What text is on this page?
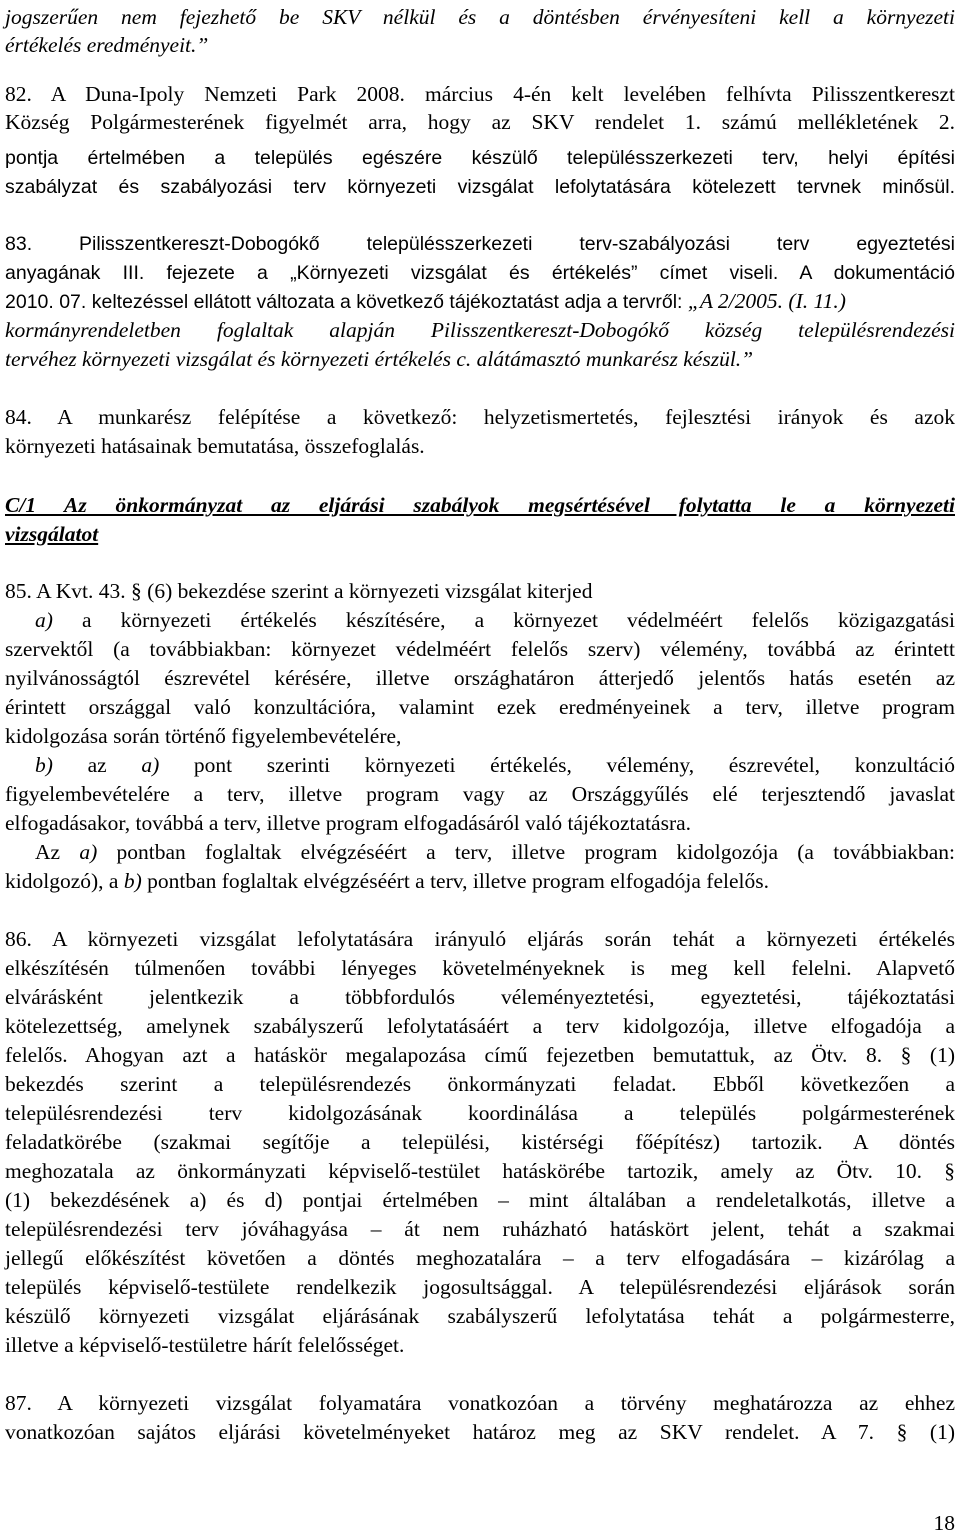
jogszerűen nem fejezhető be SKV nélkül és a döntésben érvényesíteni kell a környezeti
értékelés eredményeit.”
82. A Duna-Ipoly Nemzeti Park 2008. március 4-én kelt levelében felhívta Pilisszentkereszt
Község Polgármesterének figyelmét arra, hogy az SKV rendelet 1. számú mellékletének 2.
pontja értelmében a település egészére készülő településszerkezeti terv, helyi építési
szabályzat és szabályozási terv környezeti vizsgálat lefolytatására kötelezett tervnek minősül.
83. Pilisszentkereszt-Dobogókő településszerkezeti terv-szabályozási terv egyeztetési
anyagának III. fejezete a „Környezeti vizsgálat és értékelés” címet viseli. A dokumentáció
2010. 07. keltezéssel ellátott változata a következő tájékoztatást adja a tervről: „A 2/2005. (I. 11.)
kormányrendeletben foglaltak alapján Pilisszentkereszt-Dobogókő község településrendezési
tervéhez környezeti vizsgálat és környezeti értékelés c. alátámasztó munkarész készül.”
84. A munkarész felépítése a következő: helyzetismertetés, fejlesztési irányok és azok
környezeti hatásainak bemutatása, összefoglalás.
C/1 Az önkormányzat az eljárási szabályok megsértésével folytatta le a környezeti
vizsgálatot
85. A Kvt. 43. § (6) bekezdése szerint a környezeti vizsgálat kiterjed
a) a környezeti értékelés készítésére, a környezet védelméért felelős közigazgatási
szervektől (a továbbiakban: környezet védelméért felelős szerv) vélemény, továbbá az érintett
nyilvánosságtól észrevétel kérésére, illetve országhatáron átterjedő jelentős hatás esetén az
érintett országgal való konzultációra, valamint ezek eredményeinek a terv, illetve program
kidolgozása során történő figyelembevételére,
b) az a) pont szerinti környezeti értékelés, vélemény, észrevétel, konzultáció
figyelembevételére a terv, illetve program vagy az Országgyűlés elé terjesztendő javaslat
elfogadásakor, továbbá a terv, illetve program elfogadásáról való tájékoztatásra.
Az a) pontban foglaltak elvégzéséért a terv, illetve program kidolgozója (a továbbiakban:
kidolgozó), a b) pontban foglaltak elvégzéséért a terv, illetve program elfogadója felelős.
86. A környezeti vizsgálat lefolytatására irányuló eljárás során tehát a környezeti értékelés
elkészítésén túlmenően további lényeges követelményeknek is meg kell felelni. Alapvető
elvárásként jelentkezik a többfordulós véleményeztetési, egyeztetési, tájékoztatási
kötelezettség, amelynek szabályszerű lefolytatásáért a terv kidolgozója, illetve elfogadója a
felelős. Ahogyan azt a hatáskör megalapozása című fejezetben bemutattuk, az Ötv. 8. § (1)
bekezdés szerint a településrendezés önkormányzati feladat. Ebből következően a
településrendezési terv kidolgozásának koordinálása a település polgármesterének
feladatkörébe (szakmai segítője a települési, kistérségi főépítész) tartozik. A döntés
meghozatala az önkormányzati képviselő-testület hatáskörébe tartozik, amely az Ötv. 10. §
(1) bekezdésének a) és d) pontjai értelmében – mint általában a rendeletalkotás, illetve a
településrendezési terv jóváhagyása – át nem ruházható hatáskört jelent, tehát a szakmai
jellegű előkészítést követően a döntés meghozatalára – a terv elfogadására – kizárólag a
település képviselő-testülete rendelkezik jogosultsággal. A településrendezési eljárások során
készülő környezeti vizsgálat eljárásának szabályszerű lefolytatása tehát a polgármesterre,
illetve a képviselő-testületre hárít felelősséget.
87. A környezeti vizsgálat folyamatára vonatkozóan a törvény meghatározza az ehhez
vonatkozóan sajátos eljárási követelményeket határoz meg az SKV rendelet. A 7. § (1)
18
